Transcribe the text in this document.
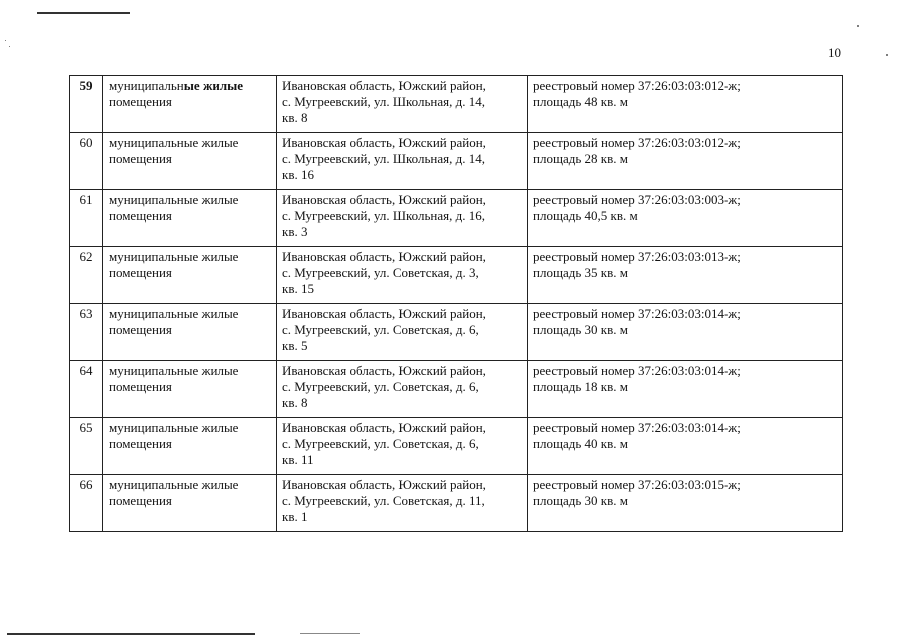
10
59	муниципальные жилые
помещения	Ивановская область, Южский район,
с. Мугреевский, ул. Школьная, д. 14,
кв. 8	реестровый номер 37:26:03:03:012-ж;
площадь 48 кв. м
60	муниципальные жилые
помещения	Ивановская область, Южский район,
с. Мугреевский, ул. Школьная, д. 14,
кв. 16	реестровый номер 37:26:03:03:012-ж;
площадь 28 кв. м
61	муниципальные жилые
помещения	Ивановская область, Южский район,
с. Мугреевский, ул. Школьная, д. 16,
кв. 3	реестровый номер 37:26:03:03:003-ж;
площадь 40,5 кв. м
62	муниципальные жилые
помещения	Ивановская область, Южский район,
с. Мугреевский, ул. Советская, д. 3,
кв. 15	реестровый номер 37:26:03:03:013-ж;
площадь 35 кв. м
63	муниципальные жилые
помещения	Ивановская область, Южский район,
с. Мугреевский, ул. Советская, д. 6,
кв. 5	реестровый номер 37:26:03:03:014-ж;
площадь 30 кв. м
64	муниципальные жилые
помещения	Ивановская область, Южский район,
с. Мугреевский, ул. Советская, д. 6,
кв. 8	реестровый номер 37:26:03:03:014-ж;
площадь 18 кв. м
65	муниципальные жилые
помещения	Ивановская область, Южский район,
с. Мугреевский, ул. Советская, д. 6,
кв. 11	реестровый номер 37:26:03:03:014-ж;
площадь 40 кв. м
66	муниципальные жилые
помещения	Ивановская область, Южский район,
с. Мугреевский, ул. Советская, д. 11,
кв. 1	реестровый номер 37:26:03:03:015-ж;
площадь 30 кв. м
